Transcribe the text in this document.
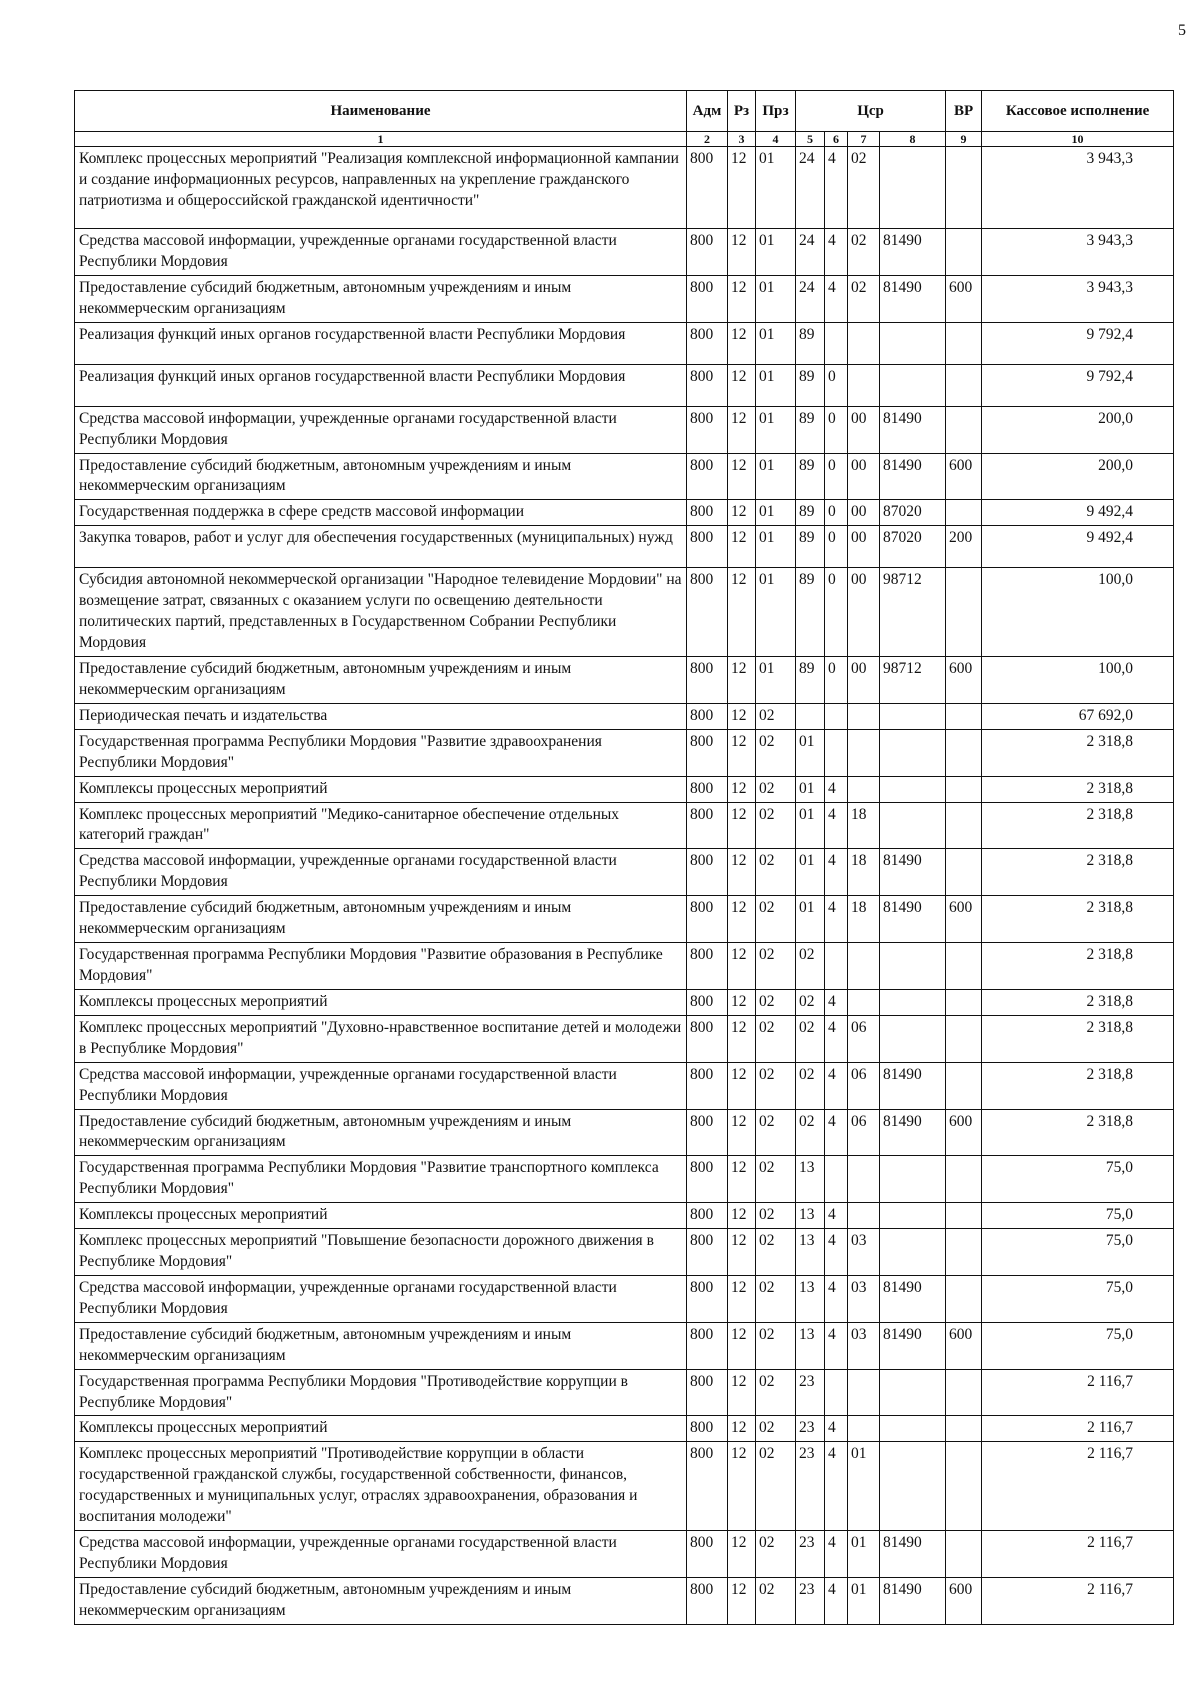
5
Наименование	Адм	Рз	Прз	Цср				ВР	Кассовое исполнение
1	2	3	4	5	6	7	8	9	10
Комплекс процессных мероприятий "Реализация комплексной информационной кампании и создание информационных ресурсов, направленных на укрепление гражданского патриотизма и общероссийской гражданской идентичности"	800	12	01	24	4	02			3 943,3
Средства массовой информации, учрежденные органами государственной власти Республики Мордовия	800	12	01	24	4	02	81490		3 943,3
Предоставление субсидий бюджетным, автономным учреждениям и иным некоммерческим организациям	800	12	01	24	4	02	81490	600	3 943,3
Реализация функций иных органов государственной власти Республики Мордовия	800	12	01	89					9 792,4
Реализация функций иных органов государственной власти Республики Мордовия	800	12	01	89	0				9 792,4
Средства массовой информации, учрежденные органами государственной власти Республики Мордовия	800	12	01	89	0	00	81490		200,0
Предоставление субсидий бюджетным, автономным учреждениям и иным некоммерческим организациям	800	12	01	89	0	00	81490	600	200,0
Государственная поддержка в сфере средств массовой информации	800	12	01	89	0	00	87020		9 492,4
Закупка товаров, работ и услуг для обеспечения государственных (муниципальных) нужд	800	12	01	89	0	00	87020	200	9 492,4
Субсидия автономной некоммерческой организации "Народное телевидение Мордовии" на возмещение затрат, связанных с оказанием услуги по освещению деятельности политических партий, представленных в Государственном Собрании Республики Мордовия	800	12	01	89	0	00	98712		100,0
Предоставление субсидий бюджетным, автономным учреждениям и иным некоммерческим организациям	800	12	01	89	0	00	98712	600	100,0
Периодическая печать и издательства	800	12	02						67 692,0
Государственная программа Республики Мордовия "Развитие здравоохранения Республики Мордовия"	800	12	02	01					2 318,8
Комплексы процессных мероприятий	800	12	02	01	4				2 318,8
Комплекс процессных мероприятий "Медико-санитарное обеспечение отдельных категорий граждан"	800	12	02	01	4	18			2 318,8
Средства массовой информации, учрежденные органами государственной власти Республики Мордовия	800	12	02	01	4	18	81490		2 318,8
Предоставление субсидий бюджетным, автономным учреждениям и иным некоммерческим организациям	800	12	02	01	4	18	81490	600	2 318,8
Государственная программа Республики Мордовия "Развитие образования в Республике Мордовия"	800	12	02	02					2 318,8
Комплексы процессных мероприятий	800	12	02	02	4				2 318,8
Комплекс процессных мероприятий "Духовно-нравственное воспитание детей и молодежи в Республике Мордовия"	800	12	02	02	4	06			2 318,8
Средства массовой информации, учрежденные органами государственной власти Республики Мордовия	800	12	02	02	4	06	81490		2 318,8
Предоставление субсидий бюджетным, автономным учреждениям и иным некоммерческим организациям	800	12	02	02	4	06	81490	600	2 318,8
Государственная программа Республики Мордовия "Развитие транспортного комплекса Республики Мордовия"	800	12	02	13					75,0
Комплексы процессных мероприятий	800	12	02	13	4				75,0
Комплекс процессных мероприятий "Повышение безопасности дорожного движения в Республике Мордовия"	800	12	02	13	4	03			75,0
Средства массовой информации, учрежденные органами государственной власти Республики Мордовия	800	12	02	13	4	03	81490		75,0
Предоставление субсидий бюджетным, автономным учреждениям и иным некоммерческим организациям	800	12	02	13	4	03	81490	600	75,0
Государственная программа Республики Мордовия "Противодействие коррупции в Республике Мордовия"	800	12	02	23					2 116,7
Комплексы процессных мероприятий	800	12	02	23	4				2 116,7
Комплекс процессных мероприятий "Противодействие коррупции в области государственной гражданской службы, государственной собственности, финансов, государственных и муниципальных услуг, отраслях здравоохранения, образования и воспитания молодежи"	800	12	02	23	4	01			2 116,7
Средства массовой информации, учрежденные органами государственной власти Республики Мордовия	800	12	02	23	4	01	81490		2 116,7
Предоставление субсидий бюджетным, автономным учреждениям и иным некоммерческим организациям	800	12	02	23	4	01	81490	600	2 116,7
